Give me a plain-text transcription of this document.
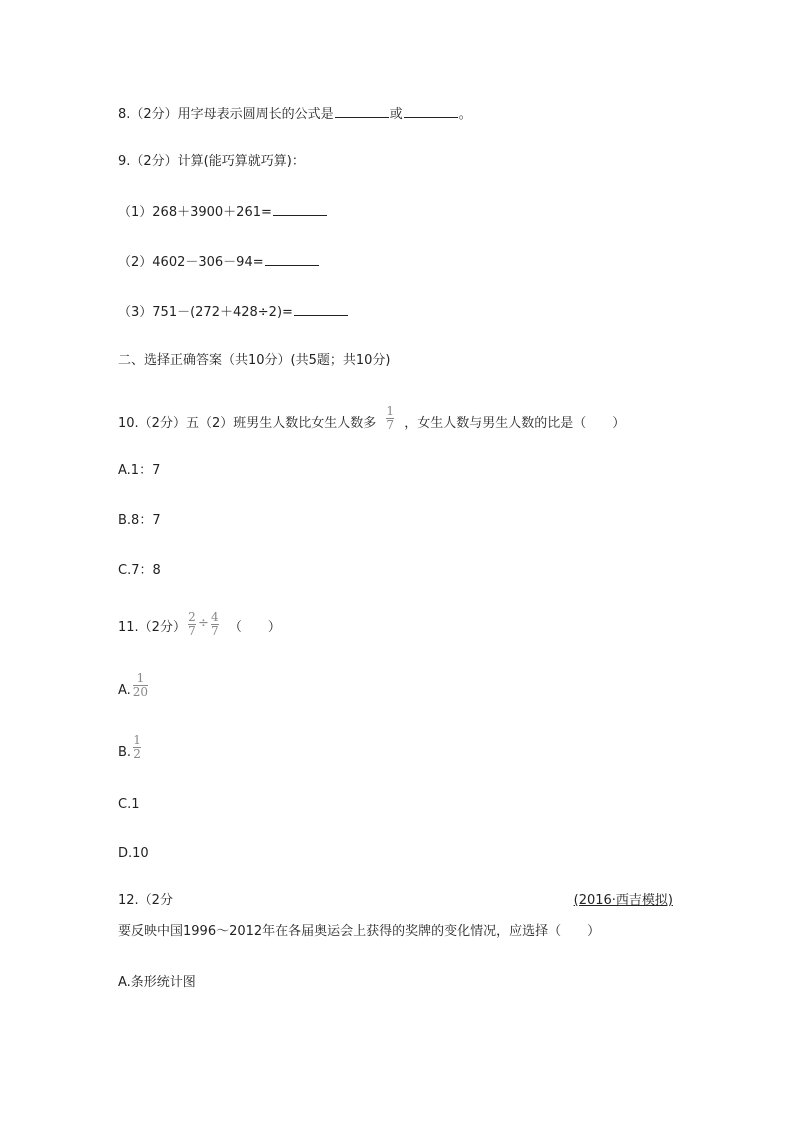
8.（2分）用字母表示圆周长的公式是	或	。
9.（2分）计算(能巧算就巧算)：
（1）268＋3900＋261=
（2）4602－306－94=
（3）751－(272＋428÷2)=
二、选择正确答案（共10分）(共5题；共10分)
10.（2分）五（2）班男生人数比女生人数多 $\frac{1}{7}$ ，女生人数与男生人数的比是（　　）
A.1：7
B.8：7
C.7：8
11.（2分） $\frac{2}{7} \div \frac{4}{7}$ （　　）
A. $\frac{1}{20}$
B. $\frac{1}{2}$
C.1
D.10
12.（2分	(2016·西吉模拟)
要反映中国1996～2012年在各届奥运会上获得的奖牌的变化情况，应选择（　　）
A.条形统计图
